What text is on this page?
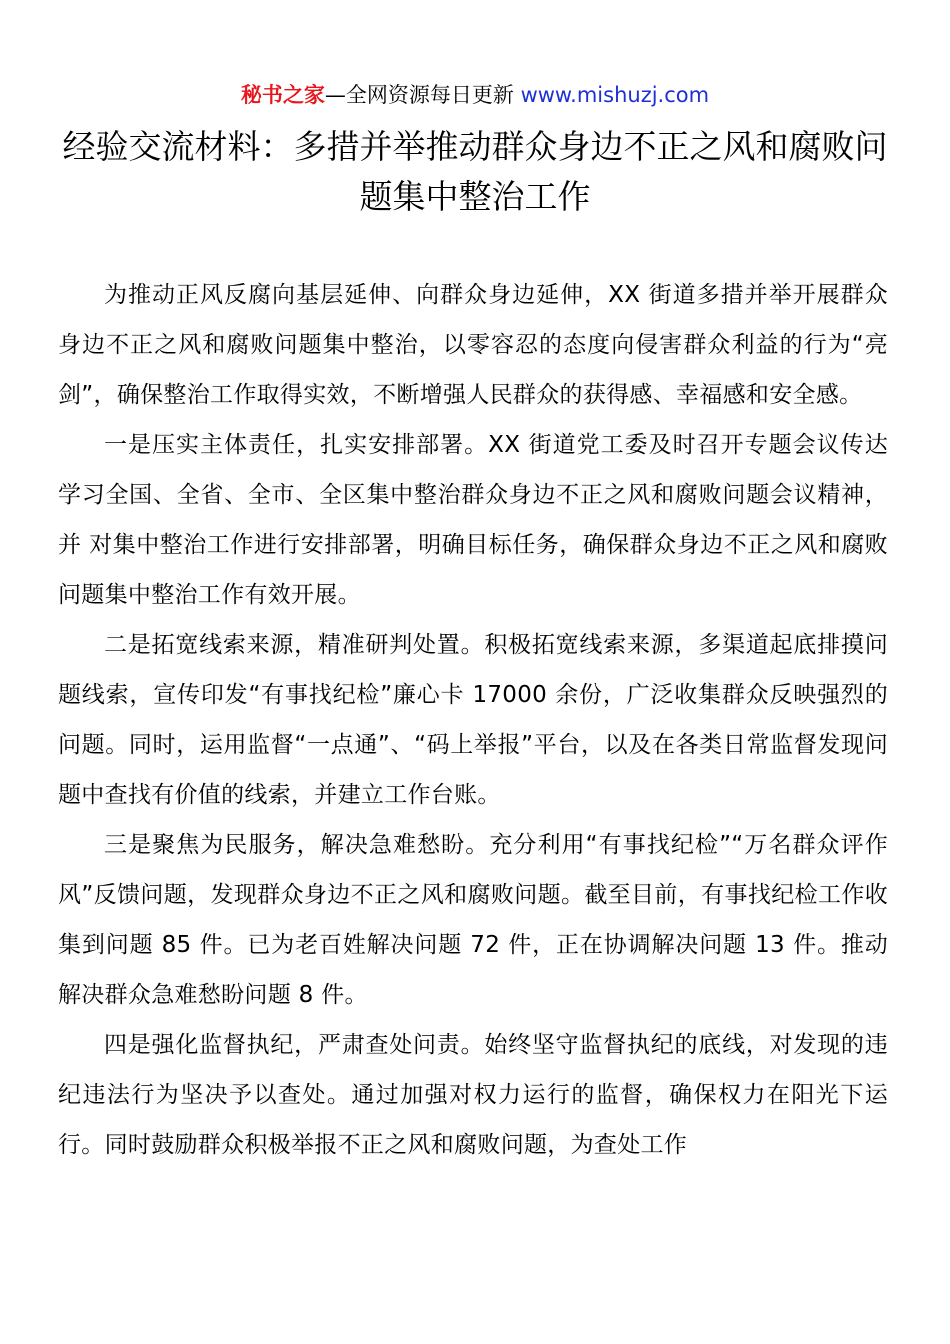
秘书之家—全网资源每日更新 www.mishuzj.com
经验交流材料：多措并举推动群众身边不正之风和腐败问题集中整治工作

为推动正风反腐向基层延伸、向群众身边延伸，XX 街道多措并举开展群众身边不正之风和腐败问题集中整治，以零容忍的态度向侵害群众利益的行为“亮剑”，确保整治工作取得实效，不断增强人民群众的获得感、幸福感和安全感。

一是压实主体责任，扎实安排部署。XX 街道党工委及时召开专题会议传达学习全国、全省、全市、全区集中整治群众身边不正之风和腐败问题会议精神，并 对集中整治工作进行安排部署，明确目标任务，确保群众身边不正之风和腐败问题集中整治工作有效开展。

二是拓宽线索来源，精准研判处置。积极拓宽线索来源，多渠道起底排摸问题线索，宣传印发“有事找纪检”廉心卡 17000 余份，广泛收集群众反映强烈的问题。同时，运用监督“一点通”、“码上举报”平台，以及在各类日常监督发现问题中查找有价值的线索，并建立工作台账。

三是聚焦为民服务，解决急难愁盼。充分利用“有事找纪检”“万名群众评作风”反馈问题，发现群众身边不正之风和腐败问题。截至目前，有事找纪检工作收集到问题 85 件。已为老百姓解决问题 72 件，正在协调解决问题 13 件。推动解决群众急难愁盼问题 8 件。

四是强化监督执纪，严肃查处问责。始终坚守监督执纪的底线，对发现的违纪违法行为坚决予以查处。通过加强对权力运行的监督，确保权力在阳光下运行。同时鼓励群众积极举报不正之风和腐败问题，为查处工作
